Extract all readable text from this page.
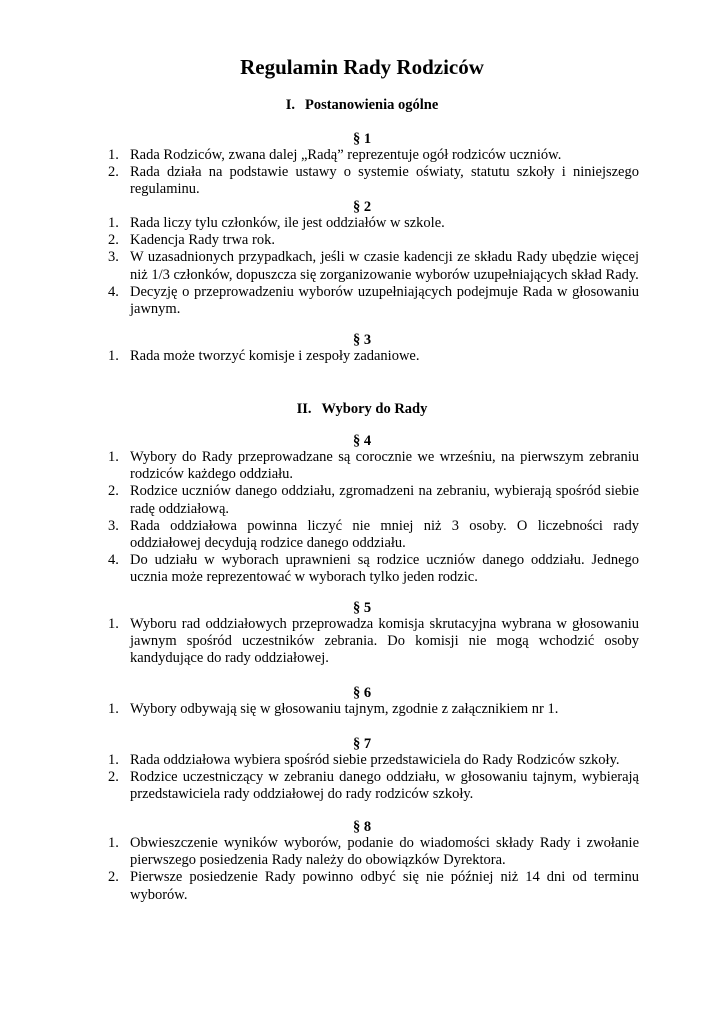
Regulamin Rady Rodziców
I. Postanowienia ogólne
§ 1
1. Rada Rodziców, zwana dalej „Radą” reprezentuje ogół rodziców uczniów.
2. Rada działa na podstawie ustawy o systemie oświaty, statutu szkoły i niniejszego regulaminu.
§ 2
1. Rada liczy tylu członków, ile jest oddziałów w szkole.
2. Kadencja Rady trwa rok.
3. W uzasadnionych przypadkach, jeśli w czasie kadencji ze składu Rady ubędzie więcej niż 1/3 członków, dopuszcza się zorganizowanie wyborów uzupełniających skład Rady.
4. Decyzję o przeprowadzeniu wyborów uzupełniających podejmuje Rada w głosowaniu jawnym.
§ 3
1. Rada może tworzyć komisje i zespoły zadaniowe.
II. Wybory do Rady
§ 4
1. Wybory do Rady przeprowadzane są corocznie we wrześniu, na pierwszym zebraniu rodziców każdego oddziału.
2. Rodzice uczniów danego oddziału, zgromadzeni na zebraniu, wybierają spośród siebie radę oddziałową.
3. Rada oddziałowa powinna liczyć nie mniej niż 3 osoby. O liczebności rady oddziałowej decydują rodzice danego oddziału.
4. Do udziału w wyborach uprawnieni są rodzice uczniów danego oddziału. Jednego ucznia może reprezentować w wyborach tylko jeden rodzic.
§ 5
1. Wyboru rad oddziałowych przeprowadza komisja skrutacyjna wybrana w głosowaniu jawnym spośród uczestników zebrania. Do komisji nie mogą wchodzić osoby kandydujące do rady oddziałowej.
§ 6
1. Wybory odbywają się w głosowaniu tajnym, zgodnie z załącznikiem nr 1.
§ 7
1. Rada oddziałowa wybiera spośród siebie przedstawiciela do Rady Rodziców szkoły.
2. Rodzice uczestniczący w zebraniu danego oddziału, w głosowaniu tajnym, wybierają przedstawiciela rady oddziałowej do rady rodziców szkoły.
§ 8
1. Obwieszczenie wyników wyborów, podanie do wiadomości składy Rady i zwołanie pierwszego posiedzenia Rady należy do obowiązków Dyrektora.
2. Pierwsze posiedzenie Rady powinno odbyć się nie później niż 14 dni od terminu wyborów.
